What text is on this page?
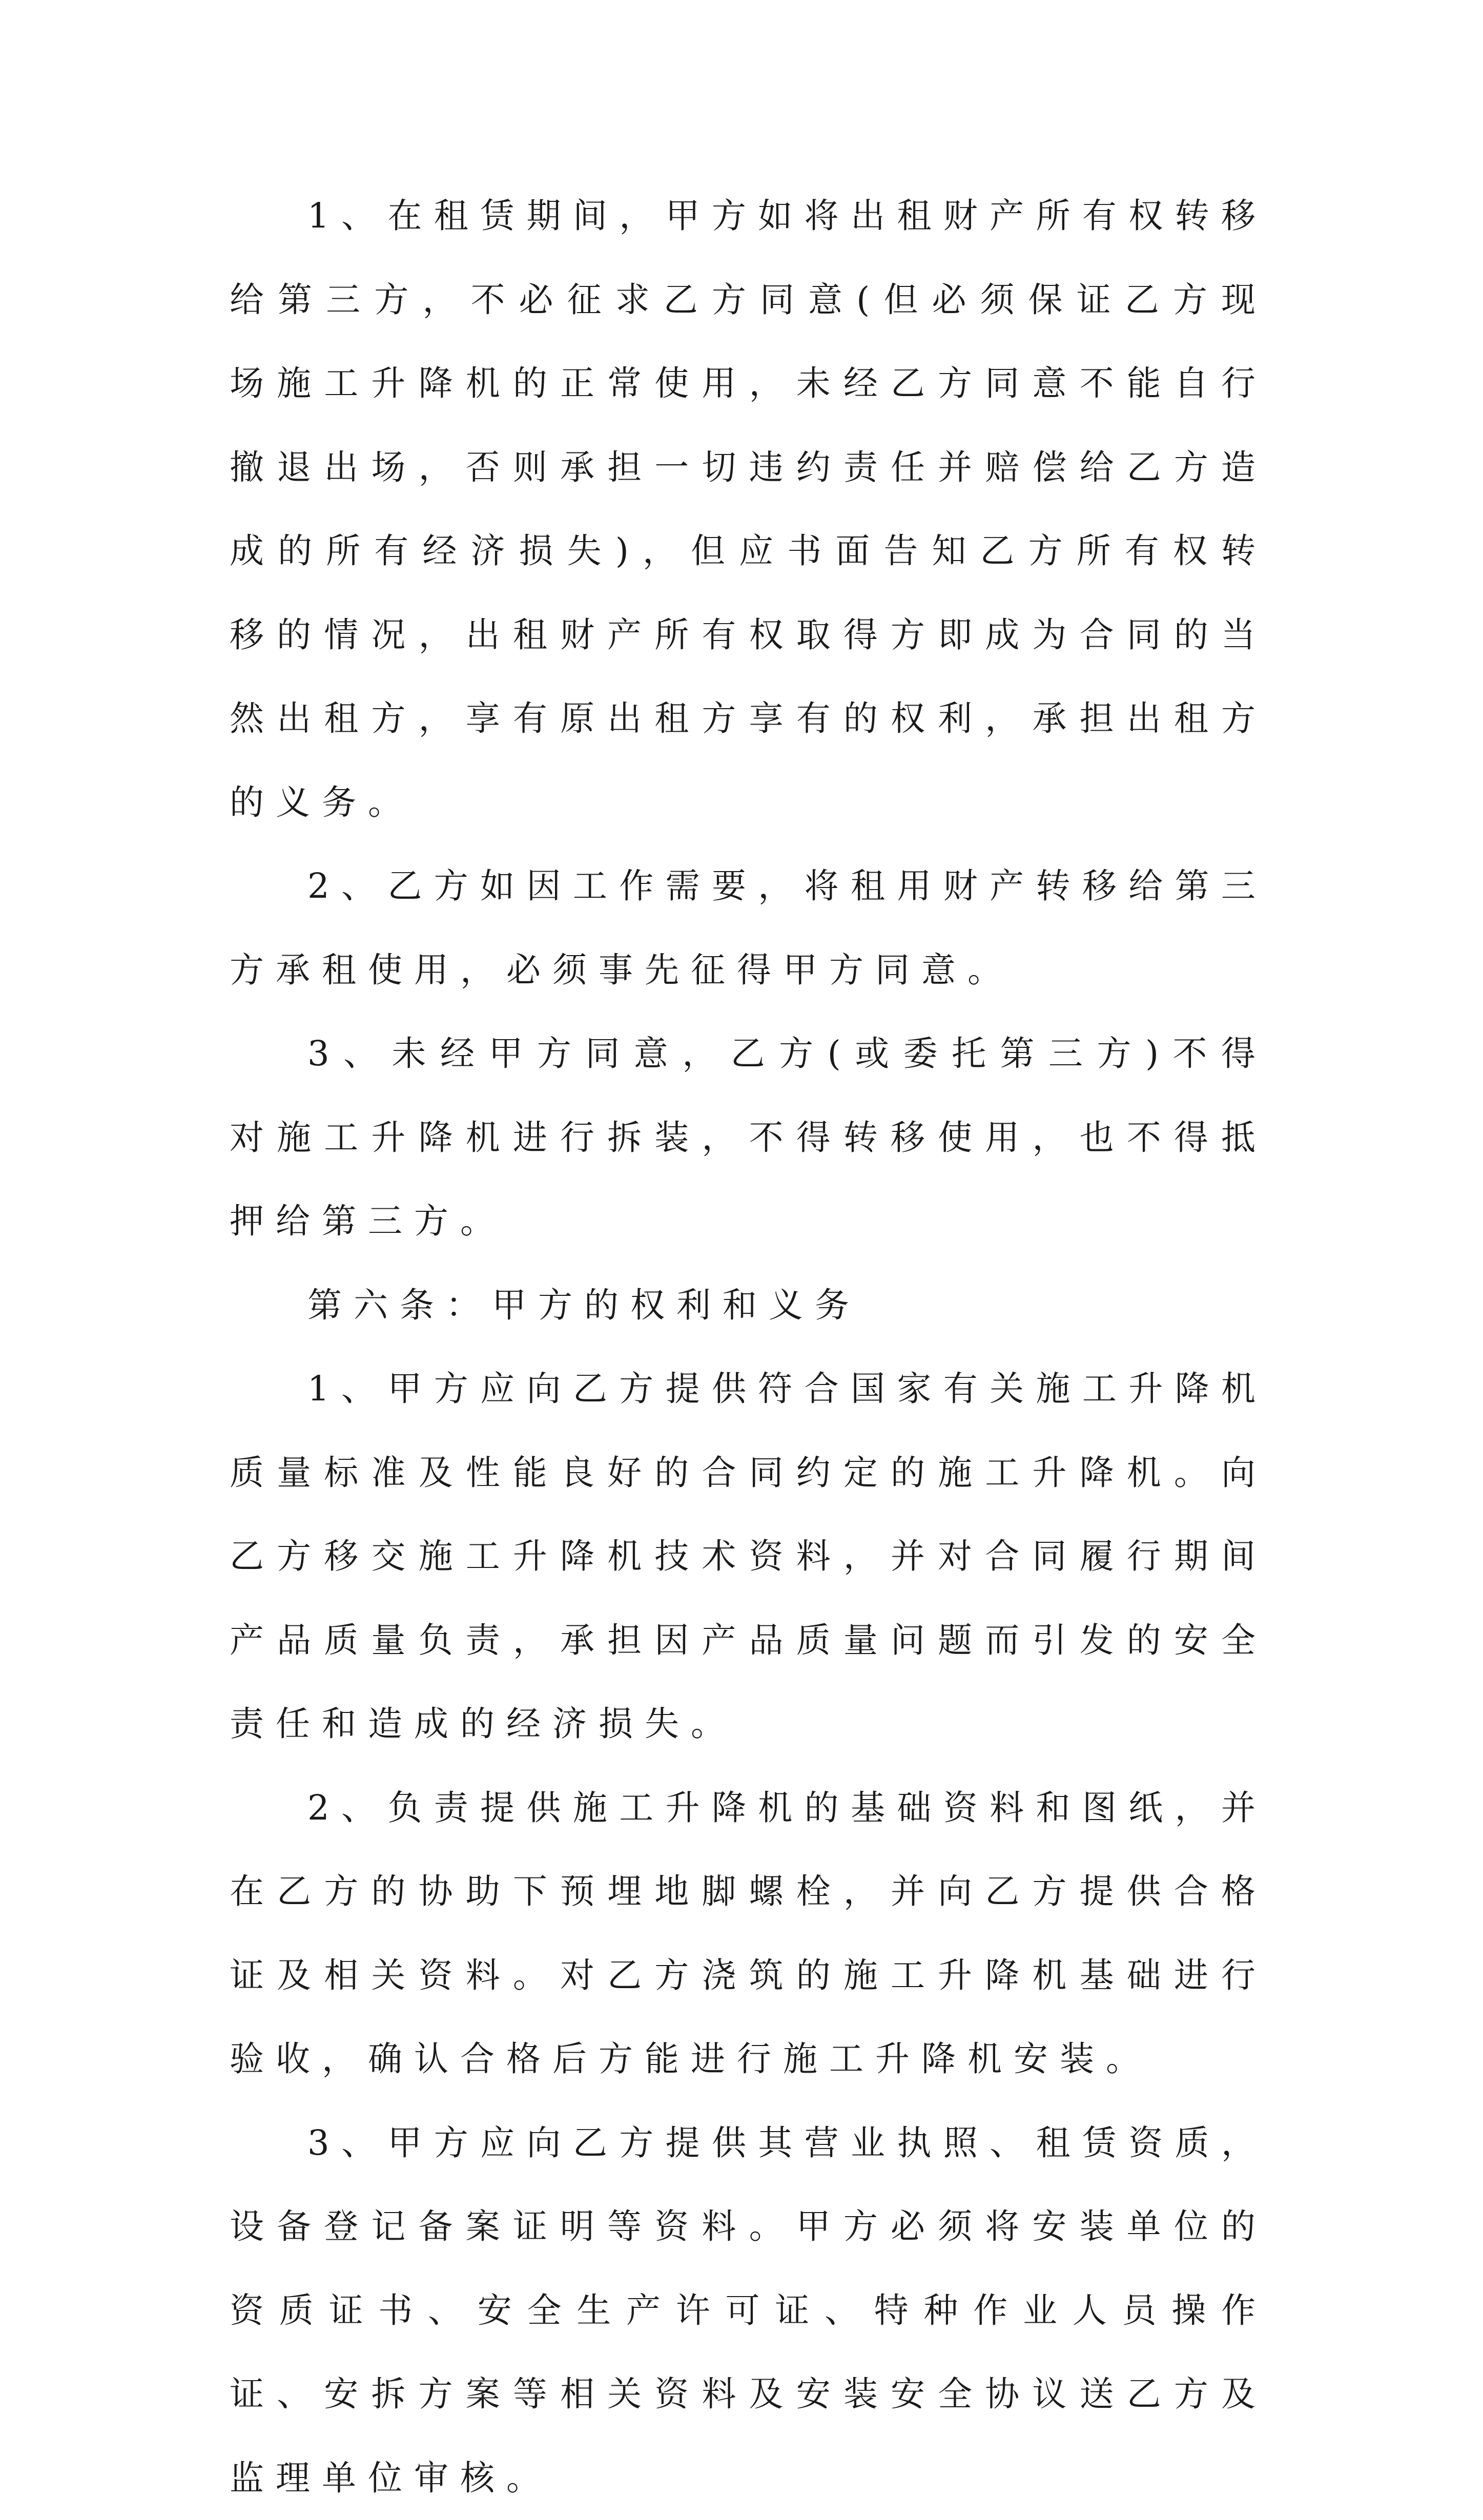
1、在租赁期间，甲方如将出租财产所有权转移给第三方，不必征求乙方同意(但必须保证乙方现场施工升降机的正常使用，未经乙方同意不能自行撤退出场，否则承担一切违约责任并赔偿给乙方造成的所有经济损失)，但应书面告知乙方所有权转移的情况，出租财产所有权取得方即成为合同的当然出租方，享有原出租方享有的权利，承担出租方的义务。

2、乙方如因工作需要，将租用财产转移给第三方承租使用，必须事先征得甲方同意。

3、未经甲方同意，乙方(或委托第三方)不得对施工升降机进行拆装，不得转移使用，也不得抵押给第三方。

第六条：甲方的权利和义务

1、甲方应向乙方提供符合国家有关施工升降机质量标准及性能良好的合同约定的施工升降机。向乙方移交施工升降机技术资料，并对合同履行期间产品质量负责，承担因产品质量问题而引发的安全责任和造成的经济损失。

2、负责提供施工升降机的基础资料和图纸，并在乙方的协助下预埋地脚螺栓，并向乙方提供合格证及相关资料。对乙方浇筑的施工升降机基础进行验收，确认合格后方能进行施工升降机安装。

3、甲方应向乙方提供其营业执照、租赁资质，设备登记备案证明等资料。甲方必须将安装单位的资质证书、安全生产许可证、特种作业人员操作证、安拆方案等相关资料及安装安全协议送乙方及监理单位审核。
